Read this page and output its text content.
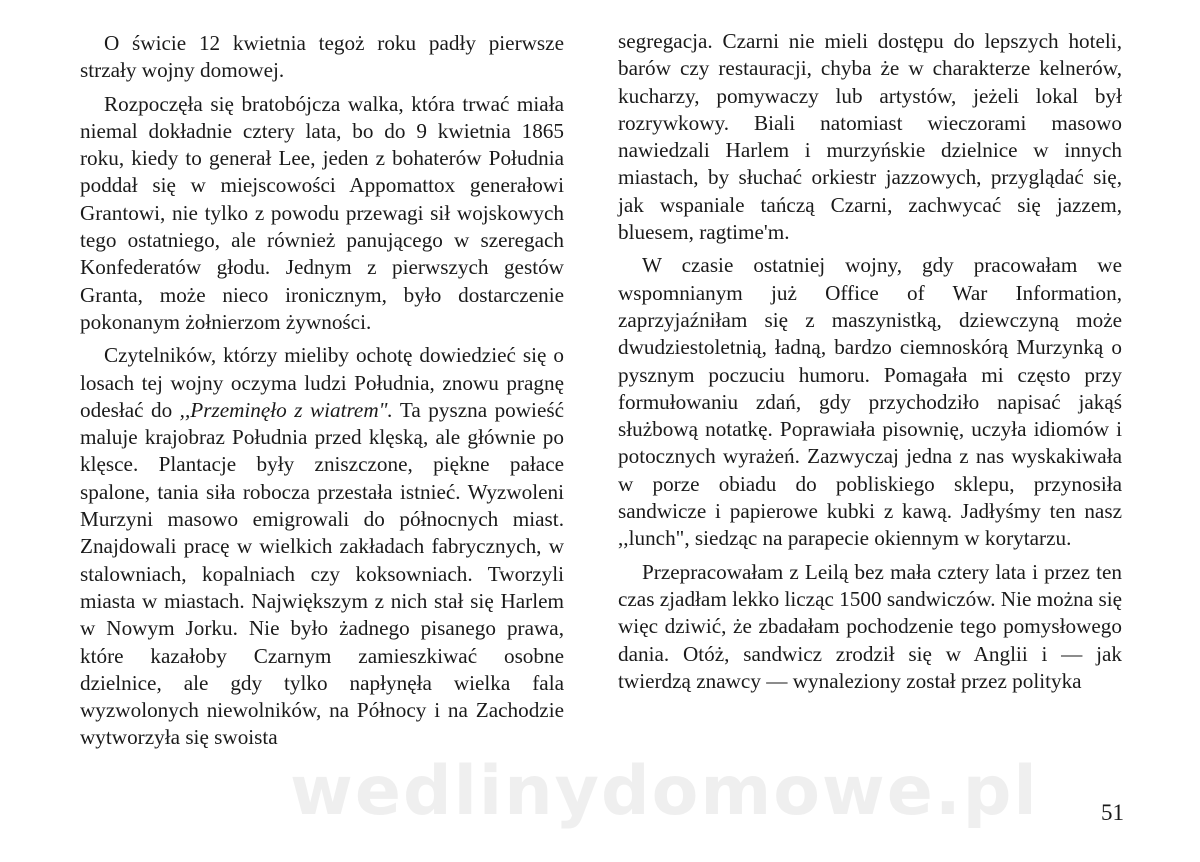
O świcie 12 kwietnia tegoż roku padły pierwsze strzały wojny domowej.

Rozpoczęła się bratobójcza walka, która trwać miała niemal dokładnie cztery lata, bo do 9 kwietnia 1865 roku, kiedy to generał Lee, jeden z bohaterów Południa poddał się w miejscowości Appomattox generałowi Grantowi, nie tylko z powodu przewagi sił wojskowych tego ostatniego, ale również panującego w szeregach Konfederatów głodu. Jednym z pierwszych gestów Granta, może nieco ironicznym, było dostarczenie pokonanym żołnierzom żywności.

Czytelników, którzy mieliby ochotę dowiedzieć się o losach tej wojny oczyma ludzi Południa, znowu pragnę odesłać do ,,Przeminęło z wiatrem". Ta pyszna powieść maluje krajobraz Południa przed klęską, ale głównie po klęsce. Plantacje były zniszczone, piękne pałace spalone, tania siła robocza przestała istnieć. Wyzwoleni Murzyni masowo emigrowali do północnych miast. Znajdowali pracę w wielkich zakładach fabrycznych, w stalowniach, kopalniach czy koksowniach. Tworzyli miasta w miastach. Największym z nich stał się Harlem w Nowym Jorku. Nie było żadnego pisanego prawa, które kazałoby Czarnym zamieszkiwać osobne dzielnice, ale gdy tylko napłynęła wielka fala wyzwolonych niewolników, na Północy i na Zachodzie wytworzyła się swoista

segregacja. Czarni nie mieli dostępu do lepszych hoteli, barów czy restauracji, chyba że w charakterze kelnerów, kucharzy, pomywaczy lub artystów, jeżeli lokal był rozrywkowy. Biali natomiast wieczorami masowo nawiedzali Harlem i murzyńskie dzielnice w innych miastach, by słuchać orkiestr jazzowych, przyglądać się, jak wspaniale tańczą Czarni, zachwycać się jazzem, bluesem, ragtime'm.

W czasie ostatniej wojny, gdy pracowałam we wspomnianym już Office of War Information, zaprzyjaźniłam się z maszynistką, dziewczyną może dwudziestoletnią, ładną, bardzo ciemnoskórą Murzynką o pysznym poczuciu humoru. Pomagała mi często przy formułowaniu zdań, gdy przychodziło napisać jakąś służbową notatkę. Poprawiała pisownię, uczyła idiomów i potocznych wyrażeń. Zazwyczaj jedna z nas wyskakiwała w porze obiadu do pobliskiego sklepu, przynosiła sandwicze i papierowe kubki z kawą. Jadłyśmy ten nasz ,,lunch", siedząc na parapecie okiennym w korytarzu.

Przepracowałam z Leilą bez mała cztery lata i przez ten czas zjadłam lekko licząc 1500 sandwiczów. Nie można się więc dziwić, że zbadałam pochodzenie tego pomysłowego dania. Otóż, sandwicz zrodził się w Anglii i — jak twierdzą znawcy — wynaleziony został przez polityka

wedlinydomowe.pl	51
